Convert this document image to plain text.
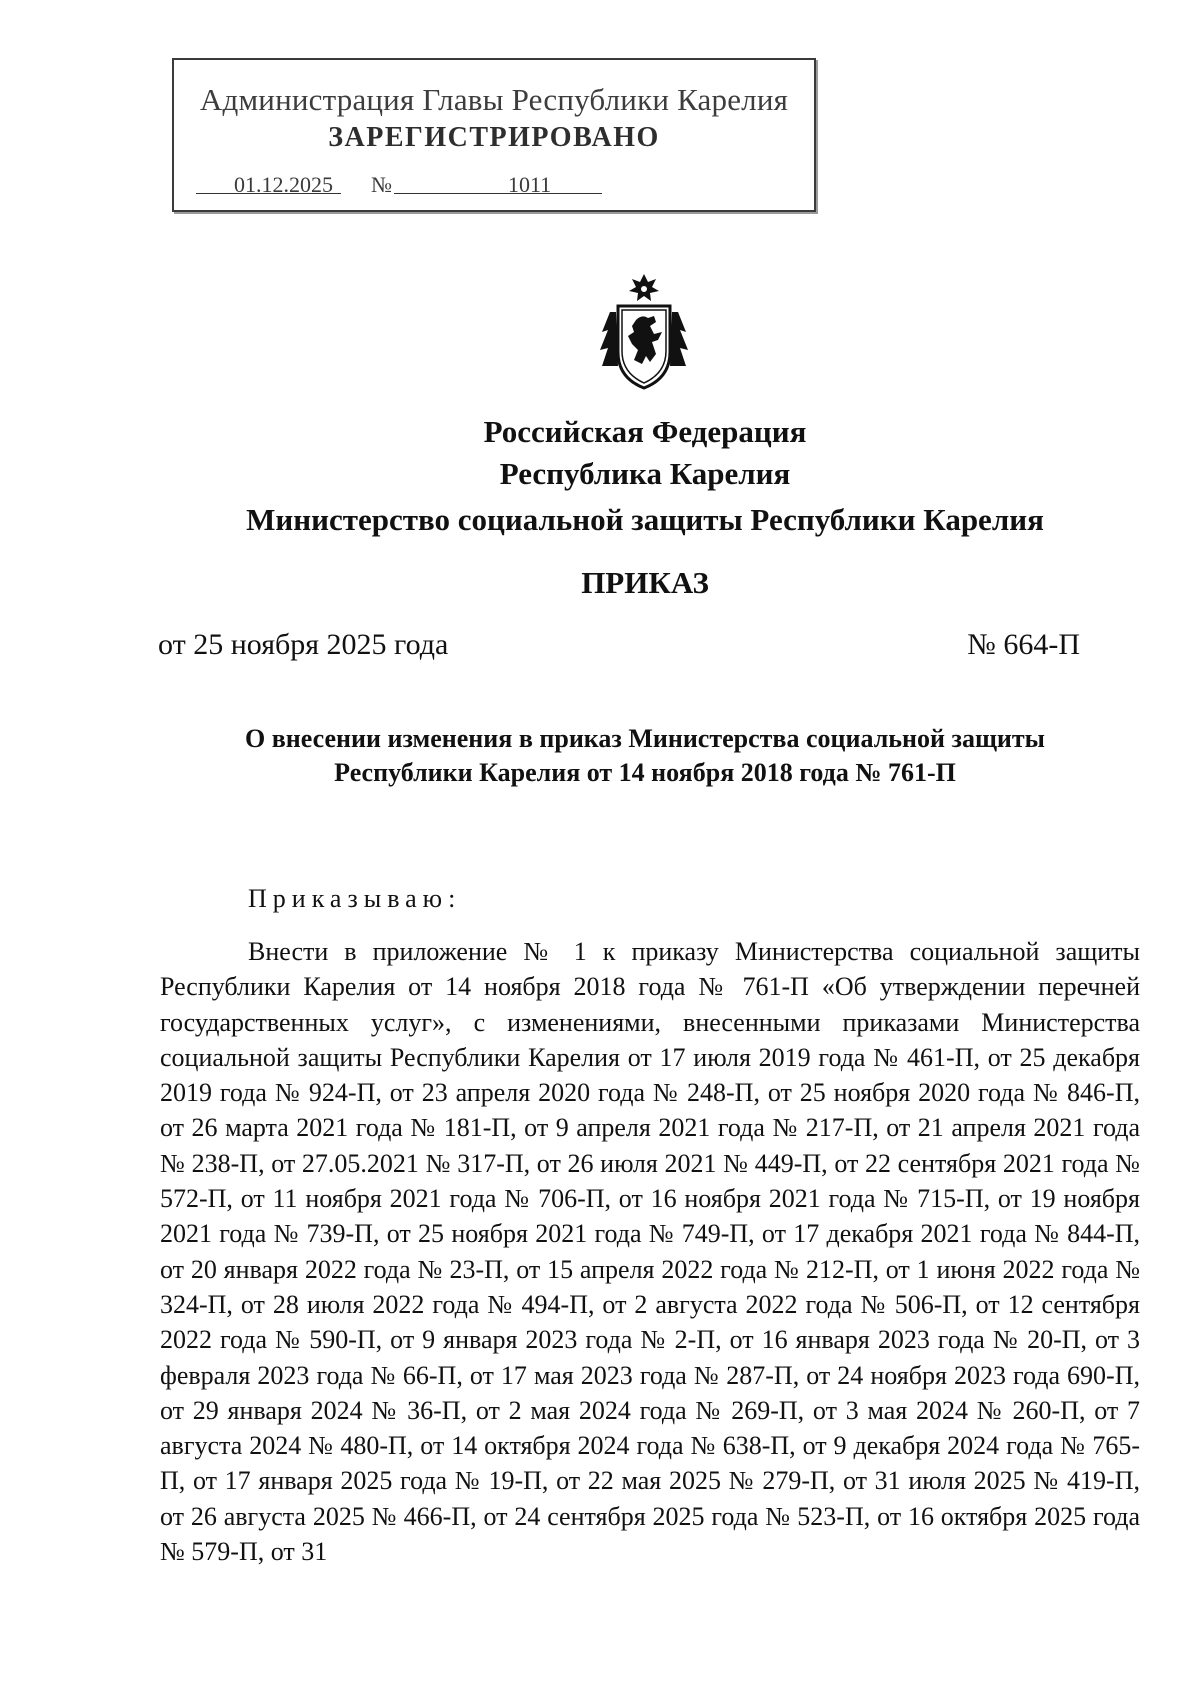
Администрация Главы Республики Карелия
ЗАРЕГИСТРИРОВАНО
01.12.2025 №	1011
Российская Федерация
Республика Карелия
Министерство социальной защиты Республики Карелия
ПРИКАЗ
от 25 ноября 2025 года	№ 664-П
О внесении изменения в приказ Министерства социальной защиты
Республики Карелия от 14 ноября 2018 года № 761-П
Приказываю:

Внести в приложение № 1 к приказу Министерства социальной защиты Республики Карелия от 14 ноября 2018 года № 761-П «Об утверждении перечней государственных услуг», с изменениями, внесенными приказами Министерства социальной защиты Республики Карелия от 17 июля 2019 года № 461-П, от 25 декабря 2019 года № 924-П, от 23 апреля 2020 года № 248-П, от 25 ноября 2020 года № 846-П, от 26 марта 2021 года № 181-П, от 9 апреля 2021 года № 217-П, от 21 апреля 2021 года № 238-П, от 27.05.2021 № 317-П, от 26 июля 2021 № 449-П, от 22 сентября 2021 года № 572-П, от 11 ноября 2021 года № 706-П, от 16 ноября 2021 года № 715-П, от 19 ноября 2021 года № 739-П, от 25 ноября 2021 года № 749-П, от 17 декабря 2021 года № 844-П, от 20 января 2022 года № 23-П, от 15 апреля 2022 года № 212-П, от 1 июня 2022 года № 324-П, от 28 июля 2022 года № 494-П, от 2 августа 2022 года № 506-П, от 12 сентября 2022 года № 590-П, от 9 января 2023 года № 2-П, от 16 января 2023 года № 20-П, от 3 февраля 2023 года № 66-П, от 17 мая 2023 года № 287-П, от 24 ноября 2023 года 690-П, от 29 января 2024 № 36-П, от 2 мая 2024 года № 269-П, от 3 мая 2024 № 260-П, от 7 августа 2024 № 480-П, от 14 октября 2024 года № 638-П, от 9 декабря 2024 года № 765-П, от 17 января 2025 года № 19-П, от 22 мая 2025 № 279-П, от 31 июля 2025 № 419-П, от 26 августа 2025 № 466-П, от 24 сентября 2025 года № 523-П, от 16 октября 2025 года № 579-П, от 31
